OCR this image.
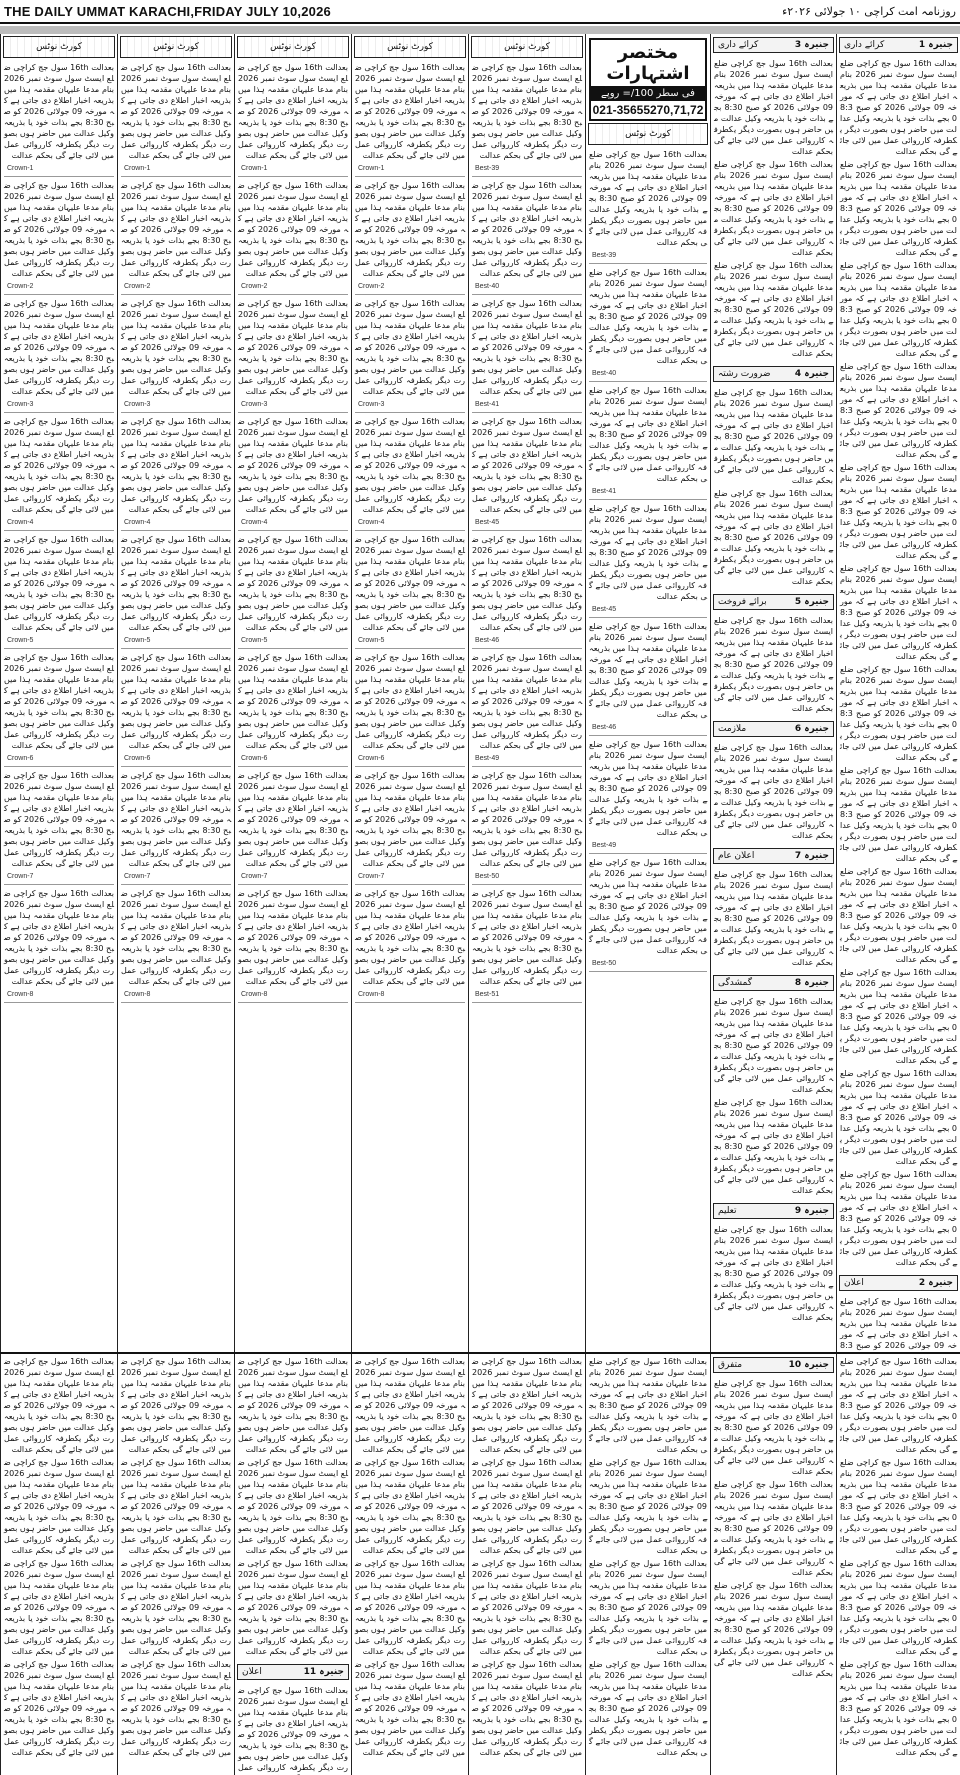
THE DAILY UMMAT KARACHI,FRIDAY JULY 10,2026	روزنامہ امت کراچی ۱۰ جولائی ۲۰۲۶ء
کورٹ نوٹس

بعدالت 16th سول جج کراچی ضلع ایسٹ سول سوٹ نمبر 2026 بنام مدعا علیہان مقدمہ ہذا میں بذریعہ اخبار اطلاع دی جاتی ہے کہ مورخہ 09 جولائی 2026 کو صبح 8:30 بجے بذات خود یا بذریعہ وکیل عدالت میں حاضر ہوں بصورت دیگر یکطرفہ کارروائی عمل میں لائی جائے گی بحکم عدالت

Crown-1

بعدالت 16th سول جج کراچی ضلع ایسٹ سول سوٹ نمبر 2026 بنام مدعا علیہان مقدمہ ہذا میں بذریعہ اخبار اطلاع دی جاتی ہے کہ مورخہ 09 جولائی 2026 کو صبح 8:30 بجے بذات خود یا بذریعہ وکیل عدالت میں حاضر ہوں بصورت دیگر یکطرفہ کارروائی عمل میں لائی جائے گی بحکم عدالت

Crown-2

بعدالت 16th سول جج کراچی ضلع ایسٹ سول سوٹ نمبر 2026 بنام مدعا علیہان مقدمہ ہذا میں بذریعہ اخبار اطلاع دی جاتی ہے کہ مورخہ 09 جولائی 2026 کو صبح 8:30 بجے بذات خود یا بذریعہ وکیل عدالت میں حاضر ہوں بصورت دیگر یکطرفہ کارروائی عمل میں لائی جائے گی بحکم عدالت

Crown-3

بعدالت 16th سول جج کراچی ضلع ایسٹ سول سوٹ نمبر 2026 بنام مدعا علیہان مقدمہ ہذا میں بذریعہ اخبار اطلاع دی جاتی ہے کہ مورخہ 09 جولائی 2026 کو صبح 8:30 بجے بذات خود یا بذریعہ وکیل عدالت میں حاضر ہوں بصورت دیگر یکطرفہ کارروائی عمل میں لائی جائے گی بحکم عدالت

Crown-4

بعدالت 16th سول جج کراچی ضلع ایسٹ سول سوٹ نمبر 2026 بنام مدعا علیہان مقدمہ ہذا میں بذریعہ اخبار اطلاع دی جاتی ہے کہ مورخہ 09 جولائی 2026 کو صبح 8:30 بجے بذات خود یا بذریعہ وکیل عدالت میں حاضر ہوں بصورت دیگر یکطرفہ کارروائی عمل میں لائی جائے گی بحکم عدالت

Crown-5

بعدالت 16th سول جج کراچی ضلع ایسٹ سول سوٹ نمبر 2026 بنام مدعا علیہان مقدمہ ہذا میں بذریعہ اخبار اطلاع دی جاتی ہے کہ مورخہ 09 جولائی 2026 کو صبح 8:30 بجے بذات خود یا بذریعہ وکیل عدالت میں حاضر ہوں بصورت دیگر یکطرفہ کارروائی عمل میں لائی جائے گی بحکم عدالت

Crown-6

بعدالت 16th سول جج کراچی ضلع ایسٹ سول سوٹ نمبر 2026 بنام مدعا علیہان مقدمہ ہذا میں بذریعہ اخبار اطلاع دی جاتی ہے کہ مورخہ 09 جولائی 2026 کو صبح 8:30 بجے بذات خود یا بذریعہ وکیل عدالت میں حاضر ہوں بصورت دیگر یکطرفہ کارروائی عمل میں لائی جائے گی بحکم عدالت

Crown-7

بعدالت 16th سول جج کراچی ضلع ایسٹ سول سوٹ نمبر 2026 بنام مدعا علیہان مقدمہ ہذا میں بذریعہ اخبار اطلاع دی جاتی ہے کہ مورخہ 09 جولائی 2026 کو صبح 8:30 بجے بذات خود یا بذریعہ وکیل عدالت میں حاضر ہوں بصورت دیگر یکطرفہ کارروائی عمل میں لائی جائے گی بحکم عدالت

Crown-8
کورٹ نوٹس

بعدالت 16th سول جج کراچی ضلع ایسٹ سول سوٹ نمبر 2026 بنام مدعا علیہان مقدمہ ہذا میں بذریعہ اخبار اطلاع دی جاتی ہے کہ مورخہ 09 جولائی 2026 کو صبح 8:30 بجے بذات خود یا بذریعہ وکیل عدالت میں حاضر ہوں بصورت دیگر یکطرفہ کارروائی عمل میں لائی جائے گی بحکم عدالت

Crown-1

بعدالت 16th سول جج کراچی ضلع ایسٹ سول سوٹ نمبر 2026 بنام مدعا علیہان مقدمہ ہذا میں بذریعہ اخبار اطلاع دی جاتی ہے کہ مورخہ 09 جولائی 2026 کو صبح 8:30 بجے بذات خود یا بذریعہ وکیل عدالت میں حاضر ہوں بصورت دیگر یکطرفہ کارروائی عمل میں لائی جائے گی بحکم عدالت

Crown-2

بعدالت 16th سول جج کراچی ضلع ایسٹ سول سوٹ نمبر 2026 بنام مدعا علیہان مقدمہ ہذا میں بذریعہ اخبار اطلاع دی جاتی ہے کہ مورخہ 09 جولائی 2026 کو صبح 8:30 بجے بذات خود یا بذریعہ وکیل عدالت میں حاضر ہوں بصورت دیگر یکطرفہ کارروائی عمل میں لائی جائے گی بحکم عدالت

Crown-3

بعدالت 16th سول جج کراچی ضلع ایسٹ سول سوٹ نمبر 2026 بنام مدعا علیہان مقدمہ ہذا میں بذریعہ اخبار اطلاع دی جاتی ہے کہ مورخہ 09 جولائی 2026 کو صبح 8:30 بجے بذات خود یا بذریعہ وکیل عدالت میں حاضر ہوں بصورت دیگر یکطرفہ کارروائی عمل میں لائی جائے گی بحکم عدالت

Crown-4

بعدالت 16th سول جج کراچی ضلع ایسٹ سول سوٹ نمبر 2026 بنام مدعا علیہان مقدمہ ہذا میں بذریعہ اخبار اطلاع دی جاتی ہے کہ مورخہ 09 جولائی 2026 کو صبح 8:30 بجے بذات خود یا بذریعہ وکیل عدالت میں حاضر ہوں بصورت دیگر یکطرفہ کارروائی عمل میں لائی جائے گی بحکم عدالت

Crown-5

بعدالت 16th سول جج کراچی ضلع ایسٹ سول سوٹ نمبر 2026 بنام مدعا علیہان مقدمہ ہذا میں بذریعہ اخبار اطلاع دی جاتی ہے کہ مورخہ 09 جولائی 2026 کو صبح 8:30 بجے بذات خود یا بذریعہ وکیل عدالت میں حاضر ہوں بصورت دیگر یکطرفہ کارروائی عمل میں لائی جائے گی بحکم عدالت

Crown-6

بعدالت 16th سول جج کراچی ضلع ایسٹ سول سوٹ نمبر 2026 بنام مدعا علیہان مقدمہ ہذا میں بذریعہ اخبار اطلاع دی جاتی ہے کہ مورخہ 09 جولائی 2026 کو صبح 8:30 بجے بذات خود یا بذریعہ وکیل عدالت میں حاضر ہوں بصورت دیگر یکطرفہ کارروائی عمل میں لائی جائے گی بحکم عدالت

Crown-7

بعدالت 16th سول جج کراچی ضلع ایسٹ سول سوٹ نمبر 2026 بنام مدعا علیہان مقدمہ ہذا میں بذریعہ اخبار اطلاع دی جاتی ہے کہ مورخہ 09 جولائی 2026 کو صبح 8:30 بجے بذات خود یا بذریعہ وکیل عدالت میں حاضر ہوں بصورت دیگر یکطرفہ کارروائی عمل میں لائی جائے گی بحکم عدالت

Crown-8
کورٹ نوٹس

بعدالت 16th سول جج کراچی ضلع ایسٹ سول سوٹ نمبر 2026 بنام مدعا علیہان مقدمہ ہذا میں بذریعہ اخبار اطلاع دی جاتی ہے کہ مورخہ 09 جولائی 2026 کو صبح 8:30 بجے بذات خود یا بذریعہ وکیل عدالت میں حاضر ہوں بصورت دیگر یکطرفہ کارروائی عمل میں لائی جائے گی بحکم عدالت

Crown-1

بعدالت 16th سول جج کراچی ضلع ایسٹ سول سوٹ نمبر 2026 بنام مدعا علیہان مقدمہ ہذا میں بذریعہ اخبار اطلاع دی جاتی ہے کہ مورخہ 09 جولائی 2026 کو صبح 8:30 بجے بذات خود یا بذریعہ وکیل عدالت میں حاضر ہوں بصورت دیگر یکطرفہ کارروائی عمل میں لائی جائے گی بحکم عدالت

Crown-2

بعدالت 16th سول جج کراچی ضلع ایسٹ سول سوٹ نمبر 2026 بنام مدعا علیہان مقدمہ ہذا میں بذریعہ اخبار اطلاع دی جاتی ہے کہ مورخہ 09 جولائی 2026 کو صبح 8:30 بجے بذات خود یا بذریعہ وکیل عدالت میں حاضر ہوں بصورت دیگر یکطرفہ کارروائی عمل میں لائی جائے گی بحکم عدالت

Crown-3

بعدالت 16th سول جج کراچی ضلع ایسٹ سول سوٹ نمبر 2026 بنام مدعا علیہان مقدمہ ہذا میں بذریعہ اخبار اطلاع دی جاتی ہے کہ مورخہ 09 جولائی 2026 کو صبح 8:30 بجے بذات خود یا بذریعہ وکیل عدالت میں حاضر ہوں بصورت دیگر یکطرفہ کارروائی عمل میں لائی جائے گی بحکم عدالت

Crown-4

بعدالت 16th سول جج کراچی ضلع ایسٹ سول سوٹ نمبر 2026 بنام مدعا علیہان مقدمہ ہذا میں بذریعہ اخبار اطلاع دی جاتی ہے کہ مورخہ 09 جولائی 2026 کو صبح 8:30 بجے بذات خود یا بذریعہ وکیل عدالت میں حاضر ہوں بصورت دیگر یکطرفہ کارروائی عمل میں لائی جائے گی بحکم عدالت

Crown-5

بعدالت 16th سول جج کراچی ضلع ایسٹ سول سوٹ نمبر 2026 بنام مدعا علیہان مقدمہ ہذا میں بذریعہ اخبار اطلاع دی جاتی ہے کہ مورخہ 09 جولائی 2026 کو صبح 8:30 بجے بذات خود یا بذریعہ وکیل عدالت میں حاضر ہوں بصورت دیگر یکطرفہ کارروائی عمل میں لائی جائے گی بحکم عدالت

Crown-6

بعدالت 16th سول جج کراچی ضلع ایسٹ سول سوٹ نمبر 2026 بنام مدعا علیہان مقدمہ ہذا میں بذریعہ اخبار اطلاع دی جاتی ہے کہ مورخہ 09 جولائی 2026 کو صبح 8:30 بجے بذات خود یا بذریعہ وکیل عدالت میں حاضر ہوں بصورت دیگر یکطرفہ کارروائی عمل میں لائی جائے گی بحکم عدالت

Crown-7

بعدالت 16th سول جج کراچی ضلع ایسٹ سول سوٹ نمبر 2026 بنام مدعا علیہان مقدمہ ہذا میں بذریعہ اخبار اطلاع دی جاتی ہے کہ مورخہ 09 جولائی 2026 کو صبح 8:30 بجے بذات خود یا بذریعہ وکیل عدالت میں حاضر ہوں بصورت دیگر یکطرفہ کارروائی عمل میں لائی جائے گی بحکم عدالت

Crown-8
کورٹ نوٹس

بعدالت 16th سول جج کراچی ضلع ایسٹ سول سوٹ نمبر 2026 بنام مدعا علیہان مقدمہ ہذا میں بذریعہ اخبار اطلاع دی جاتی ہے کہ مورخہ 09 جولائی 2026 کو صبح 8:30 بجے بذات خود یا بذریعہ وکیل عدالت میں حاضر ہوں بصورت دیگر یکطرفہ کارروائی عمل میں لائی جائے گی بحکم عدالت

Crown-1

بعدالت 16th سول جج کراچی ضلع ایسٹ سول سوٹ نمبر 2026 بنام مدعا علیہان مقدمہ ہذا میں بذریعہ اخبار اطلاع دی جاتی ہے کہ مورخہ 09 جولائی 2026 کو صبح 8:30 بجے بذات خود یا بذریعہ وکیل عدالت میں حاضر ہوں بصورت دیگر یکطرفہ کارروائی عمل میں لائی جائے گی بحکم عدالت

Crown-2

بعدالت 16th سول جج کراچی ضلع ایسٹ سول سوٹ نمبر 2026 بنام مدعا علیہان مقدمہ ہذا میں بذریعہ اخبار اطلاع دی جاتی ہے کہ مورخہ 09 جولائی 2026 کو صبح 8:30 بجے بذات خود یا بذریعہ وکیل عدالت میں حاضر ہوں بصورت دیگر یکطرفہ کارروائی عمل میں لائی جائے گی بحکم عدالت

Crown-3

بعدالت 16th سول جج کراچی ضلع ایسٹ سول سوٹ نمبر 2026 بنام مدعا علیہان مقدمہ ہذا میں بذریعہ اخبار اطلاع دی جاتی ہے کہ مورخہ 09 جولائی 2026 کو صبح 8:30 بجے بذات خود یا بذریعہ وکیل عدالت میں حاضر ہوں بصورت دیگر یکطرفہ کارروائی عمل میں لائی جائے گی بحکم عدالت

Crown-4

بعدالت 16th سول جج کراچی ضلع ایسٹ سول سوٹ نمبر 2026 بنام مدعا علیہان مقدمہ ہذا میں بذریعہ اخبار اطلاع دی جاتی ہے کہ مورخہ 09 جولائی 2026 کو صبح 8:30 بجے بذات خود یا بذریعہ وکیل عدالت میں حاضر ہوں بصورت دیگر یکطرفہ کارروائی عمل میں لائی جائے گی بحکم عدالت

Crown-5

بعدالت 16th سول جج کراچی ضلع ایسٹ سول سوٹ نمبر 2026 بنام مدعا علیہان مقدمہ ہذا میں بذریعہ اخبار اطلاع دی جاتی ہے کہ مورخہ 09 جولائی 2026 کو صبح 8:30 بجے بذات خود یا بذریعہ وکیل عدالت میں حاضر ہوں بصورت دیگر یکطرفہ کارروائی عمل میں لائی جائے گی بحکم عدالت

Crown-6

بعدالت 16th سول جج کراچی ضلع ایسٹ سول سوٹ نمبر 2026 بنام مدعا علیہان مقدمہ ہذا میں بذریعہ اخبار اطلاع دی جاتی ہے کہ مورخہ 09 جولائی 2026 کو صبح 8:30 بجے بذات خود یا بذریعہ وکیل عدالت میں حاضر ہوں بصورت دیگر یکطرفہ کارروائی عمل میں لائی جائے گی بحکم عدالت

Crown-7

بعدالت 16th سول جج کراچی ضلع ایسٹ سول سوٹ نمبر 2026 بنام مدعا علیہان مقدمہ ہذا میں بذریعہ اخبار اطلاع دی جاتی ہے کہ مورخہ 09 جولائی 2026 کو صبح 8:30 بجے بذات خود یا بذریعہ وکیل عدالت میں حاضر ہوں بصورت دیگر یکطرفہ کارروائی عمل میں لائی جائے گی بحکم عدالت

Crown-8
کورٹ نوٹس

بعدالت 16th سول جج کراچی ضلع ایسٹ سول سوٹ نمبر 2026 بنام مدعا علیہان مقدمہ ہذا میں بذریعہ اخبار اطلاع دی جاتی ہے کہ مورخہ 09 جولائی 2026 کو صبح 8:30 بجے بذات خود یا بذریعہ وکیل عدالت میں حاضر ہوں بصورت دیگر یکطرفہ کارروائی عمل میں لائی جائے گی بحکم عدالت

Best-39

بعدالت 16th سول جج کراچی ضلع ایسٹ سول سوٹ نمبر 2026 بنام مدعا علیہان مقدمہ ہذا میں بذریعہ اخبار اطلاع دی جاتی ہے کہ مورخہ 09 جولائی 2026 کو صبح 8:30 بجے بذات خود یا بذریعہ وکیل عدالت میں حاضر ہوں بصورت دیگر یکطرفہ کارروائی عمل میں لائی جائے گی بحکم عدالت

Best-40

بعدالت 16th سول جج کراچی ضلع ایسٹ سول سوٹ نمبر 2026 بنام مدعا علیہان مقدمہ ہذا میں بذریعہ اخبار اطلاع دی جاتی ہے کہ مورخہ 09 جولائی 2026 کو صبح 8:30 بجے بذات خود یا بذریعہ وکیل عدالت میں حاضر ہوں بصورت دیگر یکطرفہ کارروائی عمل میں لائی جائے گی بحکم عدالت

Best-41

بعدالت 16th سول جج کراچی ضلع ایسٹ سول سوٹ نمبر 2026 بنام مدعا علیہان مقدمہ ہذا میں بذریعہ اخبار اطلاع دی جاتی ہے کہ مورخہ 09 جولائی 2026 کو صبح 8:30 بجے بذات خود یا بذریعہ وکیل عدالت میں حاضر ہوں بصورت دیگر یکطرفہ کارروائی عمل میں لائی جائے گی بحکم عدالت

Best-45

بعدالت 16th سول جج کراچی ضلع ایسٹ سول سوٹ نمبر 2026 بنام مدعا علیہان مقدمہ ہذا میں بذریعہ اخبار اطلاع دی جاتی ہے کہ مورخہ 09 جولائی 2026 کو صبح 8:30 بجے بذات خود یا بذریعہ وکیل عدالت میں حاضر ہوں بصورت دیگر یکطرفہ کارروائی عمل میں لائی جائے گی بحکم عدالت

Best-46

بعدالت 16th سول جج کراچی ضلع ایسٹ سول سوٹ نمبر 2026 بنام مدعا علیہان مقدمہ ہذا میں بذریعہ اخبار اطلاع دی جاتی ہے کہ مورخہ 09 جولائی 2026 کو صبح 8:30 بجے بذات خود یا بذریعہ وکیل عدالت میں حاضر ہوں بصورت دیگر یکطرفہ کارروائی عمل میں لائی جائے گی بحکم عدالت

Best-49

بعدالت 16th سول جج کراچی ضلع ایسٹ سول سوٹ نمبر 2026 بنام مدعا علیہان مقدمہ ہذا میں بذریعہ اخبار اطلاع دی جاتی ہے کہ مورخہ 09 جولائی 2026 کو صبح 8:30 بجے بذات خود یا بذریعہ وکیل عدالت میں حاضر ہوں بصورت دیگر یکطرفہ کارروائی عمل میں لائی جائے گی بحکم عدالت

Best-50

بعدالت 16th سول جج کراچی ضلع ایسٹ سول سوٹ نمبر 2026 بنام مدعا علیہان مقدمہ ہذا میں بذریعہ اخبار اطلاع دی جاتی ہے کہ مورخہ 09 جولائی 2026 کو صبح 8:30 بجے بذات خود یا بذریعہ وکیل عدالت میں حاضر ہوں بصورت دیگر یکطرفہ کارروائی عمل میں لائی جائے گی بحکم عدالت

Best-51
مختصر اشتہارات
فی سطر 100/= روپے
021-35655270,71,72
کورٹ نوٹس

بعدالت 16th سول جج کراچی ضلع ایسٹ سول سوٹ نمبر 2026 بنام مدعا علیہان مقدمہ ہذا میں بذریعہ اخبار اطلاع دی جاتی ہے کہ مورخہ 09 جولائی 2026 کو صبح 8:30 بجے بذات خود یا بذریعہ وکیل عدالت میں حاضر ہوں بصورت دیگر یکطرفہ کارروائی عمل میں لائی جائے گی بحکم عدالت

Best-39

بعدالت 16th سول جج کراچی ضلع ایسٹ سول سوٹ نمبر 2026 بنام مدعا علیہان مقدمہ ہذا میں بذریعہ اخبار اطلاع دی جاتی ہے کہ مورخہ 09 جولائی 2026 کو صبح 8:30 بجے بذات خود یا بذریعہ وکیل عدالت میں حاضر ہوں بصورت دیگر یکطرفہ کارروائی عمل میں لائی جائے گی بحکم عدالت

Best-40

بعدالت 16th سول جج کراچی ضلع ایسٹ سول سوٹ نمبر 2026 بنام مدعا علیہان مقدمہ ہذا میں بذریعہ اخبار اطلاع دی جاتی ہے کہ مورخہ 09 جولائی 2026 کو صبح 8:30 بجے بذات خود یا بذریعہ وکیل عدالت میں حاضر ہوں بصورت دیگر یکطرفہ کارروائی عمل میں لائی جائے گی بحکم عدالت

Best-41

بعدالت 16th سول جج کراچی ضلع ایسٹ سول سوٹ نمبر 2026 بنام مدعا علیہان مقدمہ ہذا میں بذریعہ اخبار اطلاع دی جاتی ہے کہ مورخہ 09 جولائی 2026 کو صبح 8:30 بجے بذات خود یا بذریعہ وکیل عدالت میں حاضر ہوں بصورت دیگر یکطرفہ کارروائی عمل میں لائی جائے گی بحکم عدالت

Best-45

بعدالت 16th سول جج کراچی ضلع ایسٹ سول سوٹ نمبر 2026 بنام مدعا علیہان مقدمہ ہذا میں بذریعہ اخبار اطلاع دی جاتی ہے کہ مورخہ 09 جولائی 2026 کو صبح 8:30 بجے بذات خود یا بذریعہ وکیل عدالت میں حاضر ہوں بصورت دیگر یکطرفہ کارروائی عمل میں لائی جائے گی بحکم عدالت

Best-46

بعدالت 16th سول جج کراچی ضلع ایسٹ سول سوٹ نمبر 2026 بنام مدعا علیہان مقدمہ ہذا میں بذریعہ اخبار اطلاع دی جاتی ہے کہ مورخہ 09 جولائی 2026 کو صبح 8:30 بجے بذات خود یا بذریعہ وکیل عدالت میں حاضر ہوں بصورت دیگر یکطرفہ کارروائی عمل میں لائی جائے گی بحکم عدالت

Best-49

بعدالت 16th سول جج کراچی ضلع ایسٹ سول سوٹ نمبر 2026 بنام مدعا علیہان مقدمہ ہذا میں بذریعہ اخبار اطلاع دی جاتی ہے کہ مورخہ 09 جولائی 2026 کو صبح 8:30 بجے بذات خود یا بذریعہ وکیل عدالت میں حاضر ہوں بصورت دیگر یکطرفہ کارروائی عمل میں لائی جائے گی بحکم عدالت

Best-50
جنیرہ 3
کرائے داری

بعدالت 16th سول جج کراچی ضلع ایسٹ سول سوٹ نمبر 2026 بنام مدعا علیہان مقدمہ ہذا میں بذریعہ اخبار اطلاع دی جاتی ہے کہ مورخہ 09 جولائی 2026 کو صبح 8:30 بجے بذات خود یا بذریعہ وکیل عدالت میں حاضر ہوں بصورت دیگر یکطرفہ کارروائی عمل میں لائی جائے گی بحکم عدالت

بعدالت 16th سول جج کراچی ضلع ایسٹ سول سوٹ نمبر 2026 بنام مدعا علیہان مقدمہ ہذا میں بذریعہ اخبار اطلاع دی جاتی ہے کہ مورخہ 09 جولائی 2026 کو صبح 8:30 بجے بذات خود یا بذریعہ وکیل عدالت میں حاضر ہوں بصورت دیگر یکطرفہ کارروائی عمل میں لائی جائے گی بحکم عدالت

بعدالت 16th سول جج کراچی ضلع ایسٹ سول سوٹ نمبر 2026 بنام مدعا علیہان مقدمہ ہذا میں بذریعہ اخبار اطلاع دی جاتی ہے کہ مورخہ 09 جولائی 2026 کو صبح 8:30 بجے بذات خود یا بذریعہ وکیل عدالت میں حاضر ہوں بصورت دیگر یکطرفہ کارروائی عمل میں لائی جائے گی بحکم عدالت

جنیرہ 4
ضرورت رشتہ

بعدالت 16th سول جج کراچی ضلع ایسٹ سول سوٹ نمبر 2026 بنام مدعا علیہان مقدمہ ہذا میں بذریعہ اخبار اطلاع دی جاتی ہے کہ مورخہ 09 جولائی 2026 کو صبح 8:30 بجے بذات خود یا بذریعہ وکیل عدالت میں حاضر ہوں بصورت دیگر یکطرفہ کارروائی عمل میں لائی جائے گی بحکم عدالت

بعدالت 16th سول جج کراچی ضلع ایسٹ سول سوٹ نمبر 2026 بنام مدعا علیہان مقدمہ ہذا میں بذریعہ اخبار اطلاع دی جاتی ہے کہ مورخہ 09 جولائی 2026 کو صبح 8:30 بجے بذات خود یا بذریعہ وکیل عدالت میں حاضر ہوں بصورت دیگر یکطرفہ کارروائی عمل میں لائی جائے گی بحکم عدالت

جنیرہ 5
برائے فروخت

بعدالت 16th سول جج کراچی ضلع ایسٹ سول سوٹ نمبر 2026 بنام مدعا علیہان مقدمہ ہذا میں بذریعہ اخبار اطلاع دی جاتی ہے کہ مورخہ 09 جولائی 2026 کو صبح 8:30 بجے بذات خود یا بذریعہ وکیل عدالت میں حاضر ہوں بصورت دیگر یکطرفہ کارروائی عمل میں لائی جائے گی بحکم عدالت

جنیرہ 6
ملازمت

بعدالت 16th سول جج کراچی ضلع ایسٹ سول سوٹ نمبر 2026 بنام مدعا علیہان مقدمہ ہذا میں بذریعہ اخبار اطلاع دی جاتی ہے کہ مورخہ 09 جولائی 2026 کو صبح 8:30 بجے بذات خود یا بذریعہ وکیل عدالت میں حاضر ہوں بصورت دیگر یکطرفہ کارروائی عمل میں لائی جائے گی بحکم عدالت

جنیرہ 7
اعلان عام

بعدالت 16th سول جج کراچی ضلع ایسٹ سول سوٹ نمبر 2026 بنام مدعا علیہان مقدمہ ہذا میں بذریعہ اخبار اطلاع دی جاتی ہے کہ مورخہ 09 جولائی 2026 کو صبح 8:30 بجے بذات خود یا بذریعہ وکیل عدالت میں حاضر ہوں بصورت دیگر یکطرفہ کارروائی عمل میں لائی جائے گی بحکم عدالت

جنیرہ 8
گمشدگی

بعدالت 16th سول جج کراچی ضلع ایسٹ سول سوٹ نمبر 2026 بنام مدعا علیہان مقدمہ ہذا میں بذریعہ اخبار اطلاع دی جاتی ہے کہ مورخہ 09 جولائی 2026 کو صبح 8:30 بجے بذات خود یا بذریعہ وکیل عدالت میں حاضر ہوں بصورت دیگر یکطرفہ کارروائی عمل میں لائی جائے گی بحکم عدالت

بعدالت 16th سول جج کراچی ضلع ایسٹ سول سوٹ نمبر 2026 بنام مدعا علیہان مقدمہ ہذا میں بذریعہ اخبار اطلاع دی جاتی ہے کہ مورخہ 09 جولائی 2026 کو صبح 8:30 بجے بذات خود یا بذریعہ وکیل عدالت میں حاضر ہوں بصورت دیگر یکطرفہ کارروائی عمل میں لائی جائے گی بحکم عدالت

جنیرہ 9
تعلیم

بعدالت 16th سول جج کراچی ضلع ایسٹ سول سوٹ نمبر 2026 بنام مدعا علیہان مقدمہ ہذا میں بذریعہ اخبار اطلاع دی جاتی ہے کہ مورخہ 09 جولائی 2026 کو صبح 8:30 بجے بذات خود یا بذریعہ وکیل عدالت میں حاضر ہوں بصورت دیگر یکطرفہ کارروائی عمل میں لائی جائے گی بحکم عدالت

جنیرہ 1
کرائے داری

بعدالت 16th سول جج کراچی ضلع ایسٹ سول سوٹ نمبر 2026 بنام مدعا علیہان مقدمہ ہذا میں بذریعہ اخبار اطلاع دی جاتی ہے کہ مورخہ 09 جولائی 2026 کو صبح 8:30 بجے بذات خود یا بذریعہ وکیل عدالت میں حاضر ہوں بصورت دیگر یکطرفہ کارروائی عمل میں لائی جائے گی بحکم عدالت

بعدالت 16th سول جج کراچی ضلع ایسٹ سول سوٹ نمبر 2026 بنام مدعا علیہان مقدمہ ہذا میں بذریعہ اخبار اطلاع دی جاتی ہے کہ مورخہ 09 جولائی 2026 کو صبح 8:30 بجے بذات خود یا بذریعہ وکیل عدالت میں حاضر ہوں بصورت دیگر یکطرفہ کارروائی عمل میں لائی جائے گی بحکم عدالت

بعدالت 16th سول جج کراچی ضلع ایسٹ سول سوٹ نمبر 2026 بنام مدعا علیہان مقدمہ ہذا میں بذریعہ اخبار اطلاع دی جاتی ہے کہ مورخہ 09 جولائی 2026 کو صبح 8:30 بجے بذات خود یا بذریعہ وکیل عدالت میں حاضر ہوں بصورت دیگر یکطرفہ کارروائی عمل میں لائی جائے گی بحکم عدالت

بعدالت 16th سول جج کراچی ضلع ایسٹ سول سوٹ نمبر 2026 بنام مدعا علیہان مقدمہ ہذا میں بذریعہ اخبار اطلاع دی جاتی ہے کہ مورخہ 09 جولائی 2026 کو صبح 8:30 بجے بذات خود یا بذریعہ وکیل عدالت میں حاضر ہوں بصورت دیگر یکطرفہ کارروائی عمل میں لائی جائے گی بحکم عدالت

بعدالت 16th سول جج کراچی ضلع ایسٹ سول سوٹ نمبر 2026 بنام مدعا علیہان مقدمہ ہذا میں بذریعہ اخبار اطلاع دی جاتی ہے کہ مورخہ 09 جولائی 2026 کو صبح 8:30 بجے بذات خود یا بذریعہ وکیل عدالت میں حاضر ہوں بصورت دیگر یکطرفہ کارروائی عمل میں لائی جائے گی بحکم عدالت

بعدالت 16th سول جج کراچی ضلع ایسٹ سول سوٹ نمبر 2026 بنام مدعا علیہان مقدمہ ہذا میں بذریعہ اخبار اطلاع دی جاتی ہے کہ مورخہ 09 جولائی 2026 کو صبح 8:30 بجے بذات خود یا بذریعہ وکیل عدالت میں حاضر ہوں بصورت دیگر یکطرفہ کارروائی عمل میں لائی جائے گی بحکم عدالت

بعدالت 16th سول جج کراچی ضلع ایسٹ سول سوٹ نمبر 2026 بنام مدعا علیہان مقدمہ ہذا میں بذریعہ اخبار اطلاع دی جاتی ہے کہ مورخہ 09 جولائی 2026 کو صبح 8:30 بجے بذات خود یا بذریعہ وکیل عدالت میں حاضر ہوں بصورت دیگر یکطرفہ کارروائی عمل میں لائی جائے گی بحکم عدالت

بعدالت 16th سول جج کراچی ضلع ایسٹ سول سوٹ نمبر 2026 بنام مدعا علیہان مقدمہ ہذا میں بذریعہ اخبار اطلاع دی جاتی ہے کہ مورخہ 09 جولائی 2026 کو صبح 8:30 بجے بذات خود یا بذریعہ وکیل عدالت میں حاضر ہوں بصورت دیگر یکطرفہ کارروائی عمل میں لائی جائے گی بحکم عدالت

بعدالت 16th سول جج کراچی ضلع ایسٹ سول سوٹ نمبر 2026 بنام مدعا علیہان مقدمہ ہذا میں بذریعہ اخبار اطلاع دی جاتی ہے کہ مورخہ 09 جولائی 2026 کو صبح 8:30 بجے بذات خود یا بذریعہ وکیل عدالت میں حاضر ہوں بصورت دیگر یکطرفہ کارروائی عمل میں لائی جائے گی بحکم عدالت

بعدالت 16th سول جج کراچی ضلع ایسٹ سول سوٹ نمبر 2026 بنام مدعا علیہان مقدمہ ہذا میں بذریعہ اخبار اطلاع دی جاتی ہے کہ مورخہ 09 جولائی 2026 کو صبح 8:30 بجے بذات خود یا بذریعہ وکیل عدالت میں حاضر ہوں بصورت دیگر یکطرفہ کارروائی عمل میں لائی جائے گی بحکم عدالت

بعدالت 16th سول جج کراچی ضلع ایسٹ سول سوٹ نمبر 2026 بنام مدعا علیہان مقدمہ ہذا میں بذریعہ اخبار اطلاع دی جاتی ہے کہ مورخہ 09 جولائی 2026 کو صبح 8:30 بجے بذات خود یا بذریعہ وکیل عدالت میں حاضر ہوں بصورت دیگر یکطرفہ کارروائی عمل میں لائی جائے گی بحکم عدالت

بعدالت 16th سول جج کراچی ضلع ایسٹ سول سوٹ نمبر 2026 بنام مدعا علیہان مقدمہ ہذا میں بذریعہ اخبار اطلاع دی جاتی ہے کہ مورخہ 09 جولائی 2026 کو صبح 8:30 بجے بذات خود یا بذریعہ وکیل عدالت میں حاضر ہوں بصورت دیگر یکطرفہ کارروائی عمل میں لائی جائے گی بحکم عدالت

جنیرہ 2
اعلان

بعدالت 16th سول جج کراچی ضلع ایسٹ سول سوٹ نمبر 2026 بنام مدعا علیہان مقدمہ ہذا میں بذریعہ اخبار اطلاع دی جاتی ہے کہ مورخہ 09 جولائی 2026 کو صبح 8:3

بعدالت 16th سول جج کراچی ضلع ایسٹ سول سوٹ نمبر 2026 بنام مدعا علیہان مقدمہ ہذا میں بذریعہ اخبار اطلاع دی جاتی ہے کہ مورخہ 09 جولائی 2026 کو صبح 8:30 بجے بذات خود یا بذریعہ وکیل عدالت میں حاضر ہوں بصورت دیگر یکطرفہ کارروائی عمل میں لائی جائے گی بحکم عدالت

بعدالت 16th سول جج کراچی ضلع ایسٹ سول سوٹ نمبر 2026 بنام مدعا علیہان مقدمہ ہذا میں بذریعہ اخبار اطلاع دی جاتی ہے کہ مورخہ 09 جولائی 2026 کو صبح 8:30 بجے بذات خود یا بذریعہ وکیل عدالت میں حاضر ہوں بصورت دیگر یکطرفہ کارروائی عمل میں لائی جائے گی بحکم عدالت

بعدالت 16th سول جج کراچی ضلع ایسٹ سول سوٹ نمبر 2026 بنام مدعا علیہان مقدمہ ہذا میں بذریعہ اخبار اطلاع دی جاتی ہے کہ مورخہ 09 جولائی 2026 کو صبح 8:30 بجے بذات خود یا بذریعہ وکیل عدالت میں حاضر ہوں بصورت دیگر یکطرفہ کارروائی عمل میں لائی جائے گی بحکم عدالت

بعدالت 16th سول جج کراچی ضلع ایسٹ سول سوٹ نمبر 2026 بنام مدعا علیہان مقدمہ ہذا میں بذریعہ اخبار اطلاع دی جاتی ہے کہ مورخہ 09 جولائی 2026 کو صبح 8:30 بجے بذات خود یا بذریعہ وکیل عدالت میں حاضر ہوں بصورت دیگر یکطرفہ کارروائی عمل میں لائی جائے گی بحکم عدالت

بعدالت 16th سول جج کراچی ضلع ایسٹ سول سوٹ نمبر 2026 بنام مدعا علیہان مقدمہ ہذا میں بذریعہ اخبار اطلاع دی جاتی ہے کہ مورخہ 09 جولائی 2026 کو صبح 8:30 بجے بذات خود یا بذریعہ وکیل عدالت میں حاضر ہوں بصورت دیگر یکطرفہ کارروائی عمل میں لائی جائے گی بحکم عدالت

بعدالت 16th سول جج کراچی ضلع ایسٹ سول سوٹ نمبر 2026 بنام مدعا علیہان مقدمہ ہذا میں بذریعہ اخبار اطلاع دی جاتی ہے کہ مورخہ 09 جولائی 2026 کو صبح 8:30 بجے بذات خود یا بذریعہ وکیل عدالت میں حاضر ہوں بصورت دیگر یکطرفہ کارروائی عمل میں لائی جائے گی بحکم عدالت

بعدالت 16th سول جج کراچی ضلع ایسٹ سول سوٹ نمبر 2026 بنام مدعا علیہان مقدمہ ہذا میں بذریعہ اخبار اطلاع دی جاتی ہے کہ مورخہ 09 جولائی 2026 کو صبح 8:30 بجے بذات خود یا بذریعہ وکیل عدالت میں حاضر ہوں بصورت دیگر یکطرفہ کارروائی عمل میں لائی جائے گی بحکم عدالت

بعدالت 16th سول جج کراچی ضلع ایسٹ سول سوٹ نمبر 2026 بنام مدعا علیہان مقدمہ ہذا میں بذریعہ اخبار اطلاع دی جاتی ہے کہ مورخہ 09 جولائی 2026 کو صبح 8:30 بجے بذات خود یا بذریعہ وکیل عدالت میں حاضر ہوں بصورت دیگر یکطرفہ کارروائی عمل میں لائی جائے گی بحکم عدالت

بعدالت 16th سول جج کراچی ضلع ایسٹ سول سوٹ نمبر 2026 بنام مدعا علیہان مقدمہ ہذا میں بذریعہ اخبار اطلاع دی جاتی ہے کہ مورخہ 09 جولائی 2026 کو صبح 8:30 بجے بذات خود یا بذریعہ وکیل عدالت میں حاضر ہوں بصورت دیگر یکطرفہ کارروائی عمل میں لائی جائے گی بحکم عدالت

بعدالت 16th سول جج کراچی ضلع ایسٹ سول سوٹ نمبر 2026 بنام مدعا علیہان مقدمہ ہذا میں بذریعہ اخبار اطلاع دی جاتی ہے کہ مورخہ 09 جولائی 2026 کو صبح 8:30 بجے بذات خود یا بذریعہ وکیل عدالت میں حاضر ہوں بصورت دیگر یکطرفہ کارروائی عمل میں لائی جائے گی بحکم عدالت

بعدالت 16th سول جج کراچی ضلع ایسٹ سول سوٹ نمبر 2026 بنام مدعا علیہان مقدمہ ہذا میں بذریعہ اخبار اطلاع دی جاتی ہے کہ مورخہ 09 جولائی 2026 کو صبح 8:30 بجے بذات خود یا بذریعہ وکیل عدالت میں حاضر ہوں بصورت دیگر یکطرفہ کارروائی عمل میں لائی جائے گی بحکم عدالت

جنیرہ 11
اعلان

بعدالت 16th سول جج کراچی ضلع ایسٹ سول سوٹ نمبر 2026 بنام مدعا علیہان مقدمہ ہذا میں بذریعہ اخبار اطلاع دی جاتی ہے کہ مورخہ 09 جولائی 2026 کو صبح 8:30 بجے بذات خود یا بذریعہ وکیل عدالت میں حاضر ہوں بصورت دیگر یکطرفہ کارروائی عمل

بعدالت 16th سول جج کراچی ضلع ایسٹ سول سوٹ نمبر 2026 بنام مدعا علیہان مقدمہ ہذا میں بذریعہ اخبار اطلاع دی جاتی ہے کہ مورخہ 09 جولائی 2026 کو صبح 8:30 بجے بذات خود یا بذریعہ وکیل عدالت میں حاضر ہوں بصورت دیگر یکطرفہ کارروائی عمل میں لائی جائے گی بحکم عدالت

بعدالت 16th سول جج کراچی ضلع ایسٹ سول سوٹ نمبر 2026 بنام مدعا علیہان مقدمہ ہذا میں بذریعہ اخبار اطلاع دی جاتی ہے کہ مورخہ 09 جولائی 2026 کو صبح 8:30 بجے بذات خود یا بذریعہ وکیل عدالت میں حاضر ہوں بصورت دیگر یکطرفہ کارروائی عمل میں لائی جائے گی بحکم عدالت

بعدالت 16th سول جج کراچی ضلع ایسٹ سول سوٹ نمبر 2026 بنام مدعا علیہان مقدمہ ہذا میں بذریعہ اخبار اطلاع دی جاتی ہے کہ مورخہ 09 جولائی 2026 کو صبح 8:30 بجے بذات خود یا بذریعہ وکیل عدالت میں حاضر ہوں بصورت دیگر یکطرفہ کارروائی عمل میں لائی جائے گی بحکم عدالت

بعدالت 16th سول جج کراچی ضلع ایسٹ سول سوٹ نمبر 2026 بنام مدعا علیہان مقدمہ ہذا میں بذریعہ اخبار اطلاع دی جاتی ہے کہ مورخہ 09 جولائی 2026 کو صبح 8:30 بجے بذات خود یا بذریعہ وکیل عدالت میں حاضر ہوں بصورت دیگر یکطرفہ کارروائی عمل میں لائی جائے گی بحکم عدالت

بعدالت 16th سول جج کراچی ضلع ایسٹ سول سوٹ نمبر 2026 بنام مدعا علیہان مقدمہ ہذا میں بذریعہ اخبار اطلاع دی جاتی ہے کہ مورخہ 09 جولائی 2026 کو صبح 8:30 بجے بذات خود یا بذریعہ وکیل عدالت میں حاضر ہوں بصورت دیگر یکطرفہ کارروائی عمل میں لائی جائے گی بحکم عدالت

بعدالت 16th سول جج کراچی ضلع ایسٹ سول سوٹ نمبر 2026 بنام مدعا علیہان مقدمہ ہذا میں بذریعہ اخبار اطلاع دی جاتی ہے کہ مورخہ 09 جولائی 2026 کو صبح 8:30 بجے بذات خود یا بذریعہ وکیل عدالت میں حاضر ہوں بصورت دیگر یکطرفہ کارروائی عمل میں لائی جائے گی بحکم عدالت

بعدالت 16th سول جج کراچی ضلع ایسٹ سول سوٹ نمبر 2026 بنام مدعا علیہان مقدمہ ہذا میں بذریعہ اخبار اطلاع دی جاتی ہے کہ مورخہ 09 جولائی 2026 کو صبح 8:30 بجے بذات خود یا بذریعہ وکیل عدالت میں حاضر ہوں بصورت دیگر یکطرفہ کارروائی عمل میں لائی جائے گی بحکم عدالت

بعدالت 16th سول جج کراچی ضلع ایسٹ سول سوٹ نمبر 2026 بنام مدعا علیہان مقدمہ ہذا میں بذریعہ اخبار اطلاع دی جاتی ہے کہ مورخہ 09 جولائی 2026 کو صبح 8:30 بجے بذات خود یا بذریعہ وکیل عدالت میں حاضر ہوں بصورت دیگر یکطرفہ کارروائی عمل میں لائی جائے گی بحکم عدالت

بعدالت 16th سول جج کراچی ضلع ایسٹ سول سوٹ نمبر 2026 بنام مدعا علیہان مقدمہ ہذا میں بذریعہ اخبار اطلاع دی جاتی ہے کہ مورخہ 09 جولائی 2026 کو صبح 8:30 بجے بذات خود یا بذریعہ وکیل عدالت میں حاضر ہوں بصورت دیگر یکطرفہ کارروائی عمل میں لائی جائے گی بحکم عدالت

بعدالت 16th سول جج کراچی ضلع ایسٹ سول سوٹ نمبر 2026 بنام مدعا علیہان مقدمہ ہذا میں بذریعہ اخبار اطلاع دی جاتی ہے کہ مورخہ 09 جولائی 2026 کو صبح 8:30 بجے بذات خود یا بذریعہ وکیل عدالت میں حاضر ہوں بصورت دیگر یکطرفہ کارروائی عمل میں لائی جائے گی بحکم عدالت

بعدالت 16th سول جج کراچی ضلع ایسٹ سول سوٹ نمبر 2026 بنام مدعا علیہان مقدمہ ہذا میں بذریعہ اخبار اطلاع دی جاتی ہے کہ مورخہ 09 جولائی 2026 کو صبح 8:30 بجے بذات خود یا بذریعہ وکیل عدالت میں حاضر ہوں بصورت دیگر یکطرفہ کارروائی عمل میں لائی جائے گی بحکم عدالت

بعدالت 16th سول جج کراچی ضلع ایسٹ سول سوٹ نمبر 2026 بنام مدعا علیہان مقدمہ ہذا میں بذریعہ اخبار اطلاع دی جاتی ہے کہ مورخہ 09 جولائی 2026 کو صبح 8:30 بجے بذات خود یا بذریعہ وکیل عدالت میں حاضر ہوں بصورت دیگر یکطرفہ کارروائی عمل میں لائی جائے گی بحکم عدالت

جنیرہ 10
متفرق

بعدالت 16th سول جج کراچی ضلع ایسٹ سول سوٹ نمبر 2026 بنام مدعا علیہان مقدمہ ہذا میں بذریعہ اخبار اطلاع دی جاتی ہے کہ مورخہ 09 جولائی 2026 کو صبح 8:30 بجے بذات خود یا بذریعہ وکیل عدالت میں حاضر ہوں بصورت دیگر یکطرفہ کارروائی عمل میں لائی جائے گی بحکم عدالت

بعدالت 16th سول جج کراچی ضلع ایسٹ سول سوٹ نمبر 2026 بنام مدعا علیہان مقدمہ ہذا میں بذریعہ اخبار اطلاع دی جاتی ہے کہ مورخہ 09 جولائی 2026 کو صبح 8:30 بجے بذات خود یا بذریعہ وکیل عدالت میں حاضر ہوں بصورت دیگر یکطرفہ کارروائی عمل میں لائی جائے گی بحکم عدالت

بعدالت 16th سول جج کراچی ضلع ایسٹ سول سوٹ نمبر 2026 بنام مدعا علیہان مقدمہ ہذا میں بذریعہ اخبار اطلاع دی جاتی ہے کہ مورخہ 09 جولائی 2026 کو صبح 8:30 بجے بذات خود یا بذریعہ وکیل عدالت میں حاضر ہوں بصورت دیگر یکطرفہ کارروائی عمل میں لائی جائے گی بحکم عدالت

بعدالت 16th سول جج کراچی ضلع ایسٹ سول سوٹ نمبر 2026 بنام مدعا علیہان مقدمہ ہذا میں بذریعہ اخبار اطلاع دی جاتی ہے کہ مورخہ 09 جولائی 2026 کو صبح 8:30 بجے بذات خود یا بذریعہ وکیل عدالت میں حاضر ہوں بصورت دیگر یکطرفہ کارروائی عمل میں لائی جائے گی بحکم عدالت

بعدالت 16th سول جج کراچی ضلع ایسٹ سول سوٹ نمبر 2026 بنام مدعا علیہان مقدمہ ہذا میں بذریعہ اخبار اطلاع دی جاتی ہے کہ مورخہ 09 جولائی 2026 کو صبح 8:30 بجے بذات خود یا بذریعہ وکیل عدالت میں حاضر ہوں بصورت دیگر یکطرفہ کارروائی عمل میں لائی جائے گی بحکم عدالت

بعدالت 16th سول جج کراچی ضلع ایسٹ سول سوٹ نمبر 2026 بنام مدعا علیہان مقدمہ ہذا میں بذریعہ اخبار اطلاع دی جاتی ہے کہ مورخہ 09 جولائی 2026 کو صبح 8:30 بجے بذات خود یا بذریعہ وکیل عدالت میں حاضر ہوں بصورت دیگر یکطرفہ کارروائی عمل میں لائی جائے گی بحکم عدالت

بعدالت 16th سول جج کراچی ضلع ایسٹ سول سوٹ نمبر 2026 بنام مدعا علیہان مقدمہ ہذا میں بذریعہ اخبار اطلاع دی جاتی ہے کہ مورخہ 09 جولائی 2026 کو صبح 8:30 بجے بذات خود یا بذریعہ وکیل عدالت میں حاضر ہوں بصورت دیگر یکطرفہ کارروائی عمل میں لائی جائے گی بحکم عدالت
